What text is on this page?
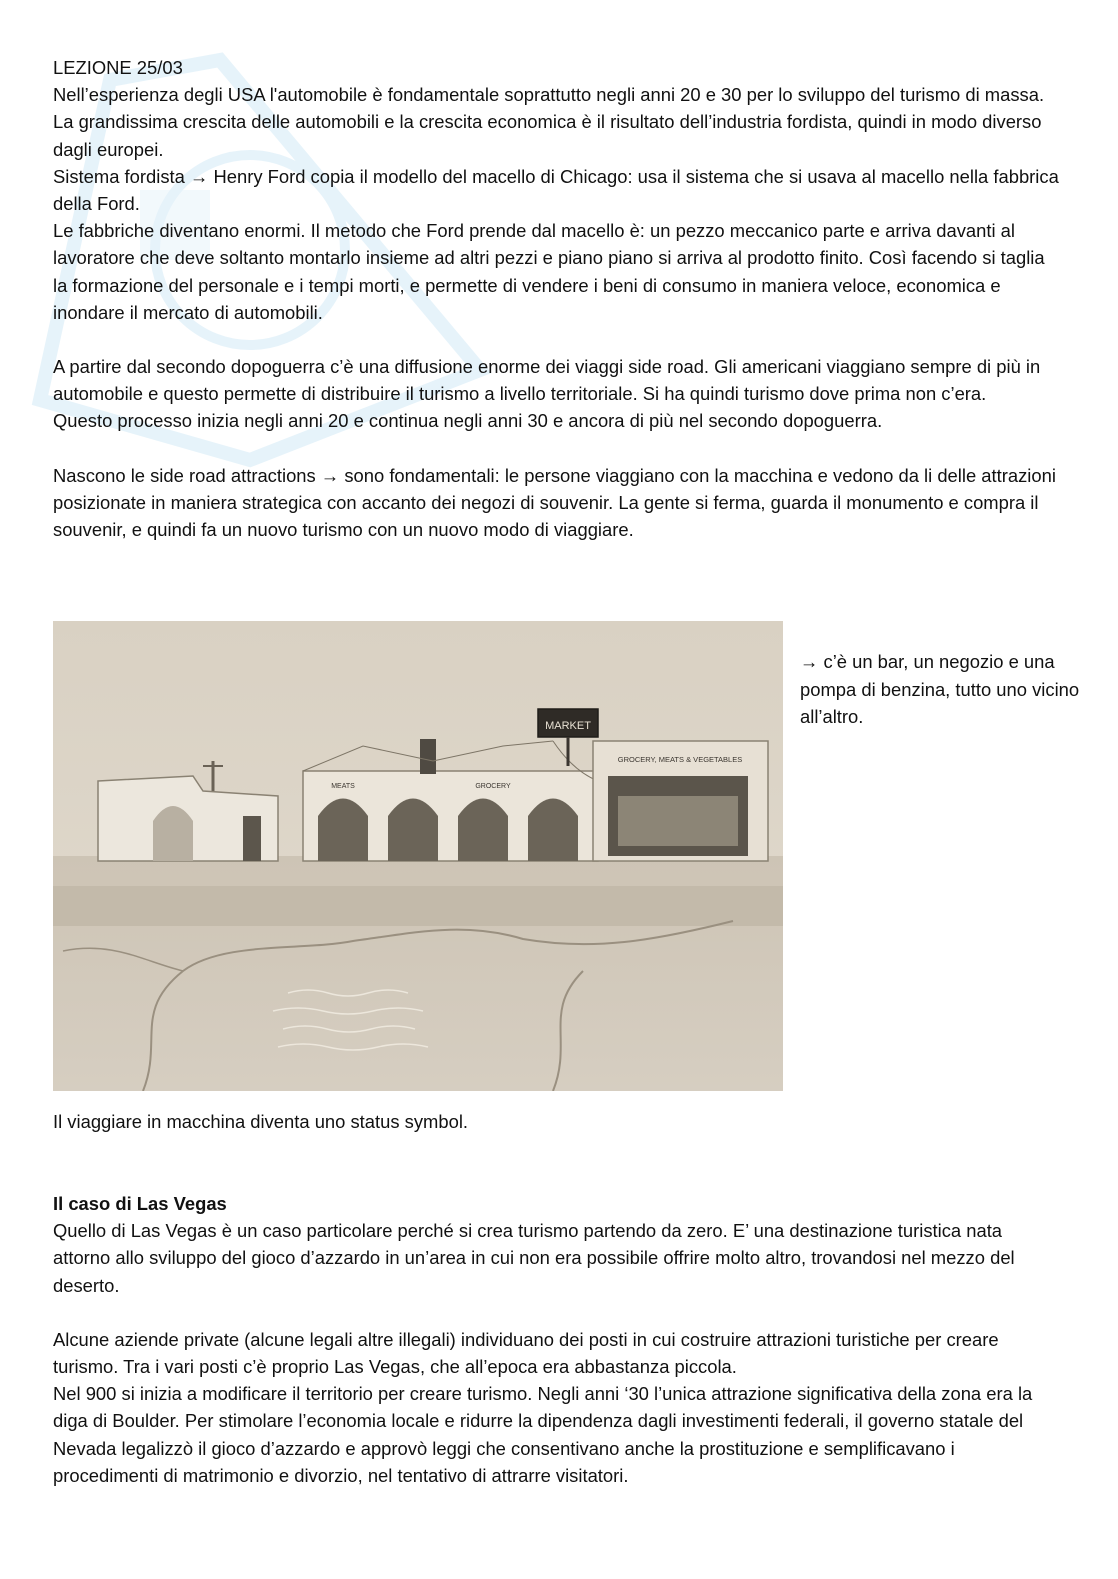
LEZIONE 25/03

Nell’esperienza degli USA l'automobile è fondamentale soprattutto negli anni 20 e 30 per lo sviluppo del turismo di massa.

La grandissima crescita delle automobili e la crescita economica è il risultato dell’industria fordista, quindi in modo diverso dagli europei.

Sistema fordista → Henry Ford copia il modello del macello di Chicago: usa il sistema che si usava al macello nella fabbrica della Ford.

Le fabbriche diventano enormi. Il metodo che Ford prende dal macello è: un pezzo meccanico parte e arriva davanti al lavoratore che deve soltanto montarlo insieme ad altri pezzi e piano piano si arriva al prodotto finito. Così facendo si taglia la formazione del personale e i tempi morti, e permette di vendere i beni di consumo in maniera veloce, economica e inondare il mercato di automobili.

A partire dal secondo dopoguerra c’è una diffusione enorme dei viaggi side road. Gli americani viaggiano sempre di più in automobile e questo permette di distribuire il turismo a livello territoriale. Si ha quindi turismo dove prima non c’era.

Questo processo inizia negli anni 20 e continua negli anni 30 e ancora di più nel secondo dopoguerra.

Nascono le side road attractions → sono fondamentali: le persone viaggiano con la macchina e vedono da li delle attrazioni posizionate in maniera strategica con accanto dei negozi di souvenir. La gente si ferma, guarda il monumento e compra il souvenir, e quindi fa un nuovo turismo con un nuovo modo di viaggiare.

MARKET
GROCERY, MEATS & VEGETABLES
MEATS	GROCERY

→ c’è un bar, un negozio e una pompa di benzina, tutto uno vicino all’altro.

Il viaggiare in macchina diventa uno status symbol.

Il caso di Las Vegas

Quello di Las Vegas è un caso particolare perché si crea turismo partendo da zero. E’ una destinazione turistica nata attorno allo sviluppo del gioco d’azzardo in un’area in cui non era possibile offrire molto altro, trovandosi nel mezzo del deserto.

Alcune aziende private (alcune legali altre illegali) individuano dei posti in cui costruire attrazioni turistiche per creare turismo. Tra i vari posti c’è proprio Las Vegas, che all’epoca era abbastanza piccola.

Nel 900 si inizia a modificare il territorio per creare turismo. Negli anni ‘30 l’unica attrazione significativa della zona era la diga di Boulder. Per stimolare l’economia locale e ridurre la dipendenza dagli investimenti federali, il governo statale del Nevada legalizzò il gioco d’azzardo e approvò leggi che consentivano anche la prostituzione e semplificavano i procedimenti di matrimonio e divorzio, nel tentativo di attrarre visitatori.
